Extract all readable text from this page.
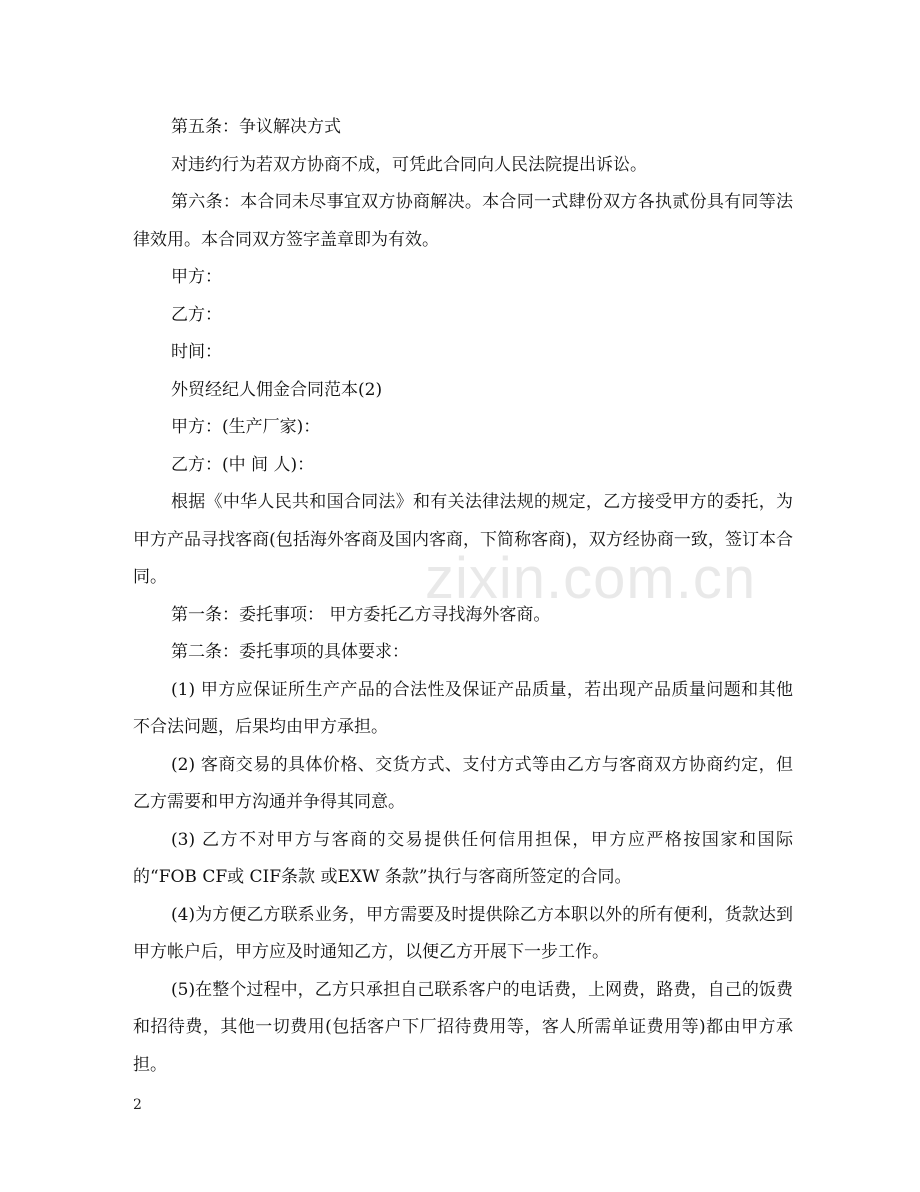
zixin.com.cn

第五条：争议解决方式

对违约行为若双方协商不成，可凭此合同向人民法院提出诉讼。

第六条：本合同未尽事宜双方协商解决。本合同一式肆份双方各执贰份具有同等法律效用。本合同双方签字盖章即为有效。

甲方：

乙方：

时间：

外贸经纪人佣金合同范本(2)

甲方：(生产厂家)：

乙方：(中 间 人)：

根据《中华人民共和国合同法》和有关法律法规的规定，乙方接受甲方的委托，为甲方产品寻找客商(包括海外客商及国内客商，下简称客商)，双方经协商一致，签订本合同。

第一条：委托事项： 甲方委托乙方寻找海外客商。

第二条：委托事项的具体要求：

(1) 甲方应保证所生产产品的合法性及保证产品质量，若出现产品质量问题和其他不合法问题，后果均由甲方承担。

(2) 客商交易的具体价格、交货方式、支付方式等由乙方与客商双方协商约定，但乙方需要和甲方沟通并争得其同意。

(3) 乙方不对甲方与客商的交易提供任何信用担保，甲方应严格按国家和国际的“FOB CF或 CIF条款 或EXW 条款”执行与客商所签定的合同。

(4)为方便乙方联系业务，甲方需要及时提供除乙方本职以外的所有便利，货款达到甲方帐户后，甲方应及时通知乙方，以便乙方开展下一步工作。

(5)在整个过程中，乙方只承担自己联系客户的电话费，上网费，路费，自己的饭费和招待费，其他一切费用(包括客户下厂招待费用等，客人所需单证费用等)都由甲方承担。

2
